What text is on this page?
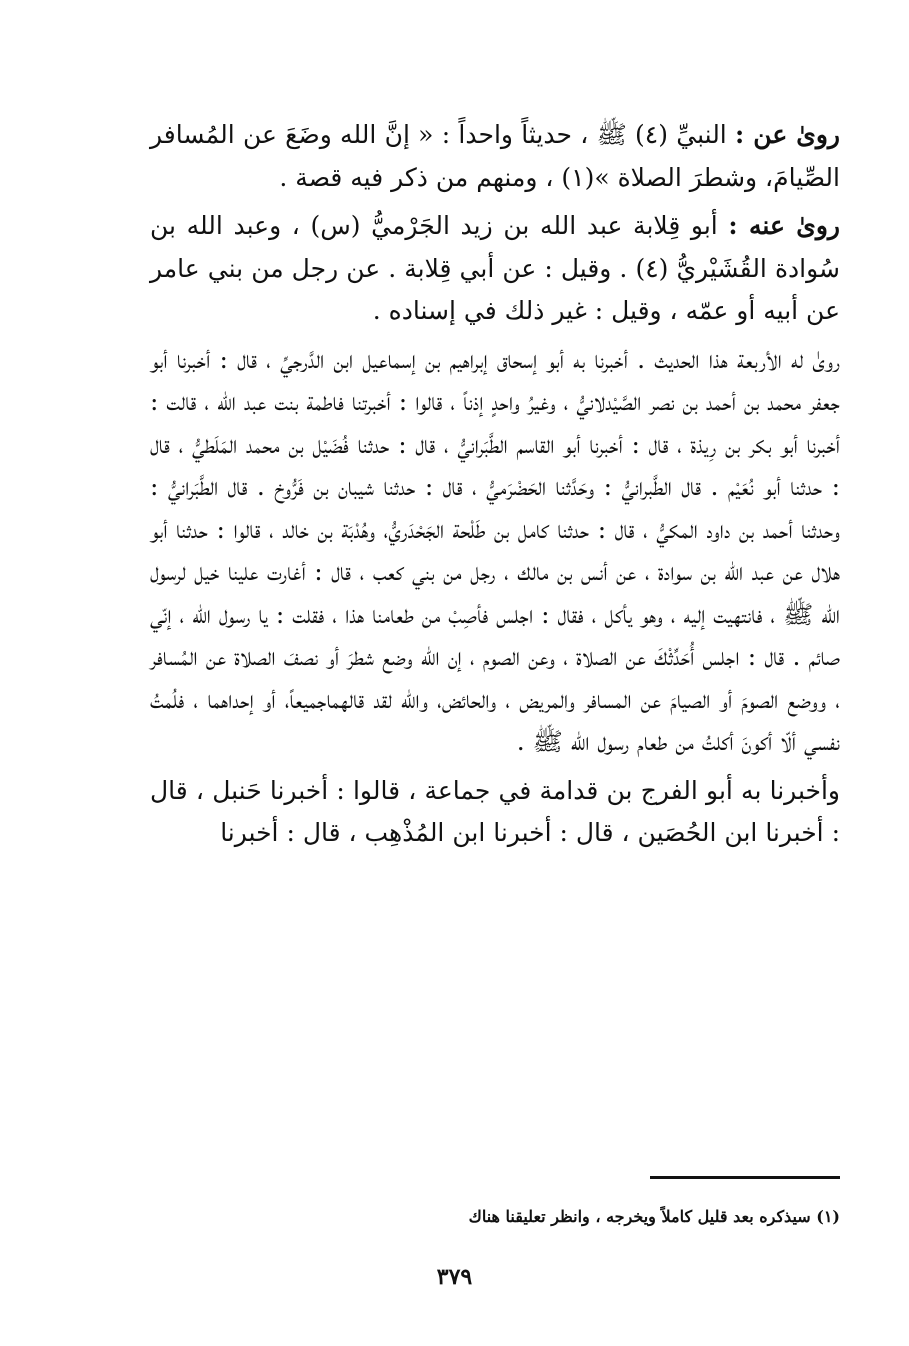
روىٰ عن : النبيِّ (٤) ﷺ ، حديثاً واحداً : « إنَّ الله وضَعَ عن المُسافر الصِّيامَ، وشطرَ الصلاة »(١) ، ومنهم من ذكر فيه قصة .

روىٰ عنه : أبو قِلابة عبد الله بن زيد الجَرْميُّ (س) ، وعبد الله بن سُوادة القُشَيْريُّ (٤) . وقيل : عن أبي قِلابة . عن رجل من بني عامر عن أبيه أو عمّه ، وقيل : غير ذلك في إسناده .

روىٰ له الأربعة هذا الحديث . أخبرنا به أبو إسحاق إبراهيم بن إسماعيل ابن الدَّرجيِّ ، قال : أخبرنا أبو جعفر محمد بن أحمد بن نصر الصَّيْدلانيُّ ، وغيرُ واحدٍ إذناً ، قالوا : أخبرتنا فاطمة بنت عبد الله ، قالت : أخبرنا أبو بكر بن رِيذة ، قال : أخبرنا أبو القاسم الطَّبَرانيُّ ، قال : حدثنا فُضَيْل بن محمد المَلَطيُّ ، قال : حدثنا أبو نُعَيْم . قال الطَّبرانيُّ : وحَدَّثنا الحَضْرَميُّ ، قال : حدثنا شيبان بن فَرُّوخ . قال الطَّبَرانيُّ : وحدثنا أحمد بن داود المكيُّ ، قال : حدثنا كامل بن طَلْحة الجَحْدَريُّ، وهُدْبَة بن خالد ، قالوا : حدثنا أبو هلال عن عبد الله بن سوادة ، عن أنس بن مالك ، رجل من بني كعب ، قال : أغارت علينا خيل لرسول الله ﷺ ، فانتهيت إليه ، وهو يأكل ، فقال : اجلس فأصِبْ من طعامنا هذا ، فقلت : يا رسول الله ، إنّي صائم . قال : اجلس أُحَدِّثْكَ عن الصلاة ، وعن الصوم ، إن الله وضع شطرَ أو نصفَ الصلاة عن المُسافر ، ووضع الصومَ أو الصيامَ عن المسافر والمريض ، والحائض، والله لقد قالهماجميعاً، أو إحداهما ، فلُمتُ نفسي ألّا أكونَ أكلتُ من طعام رسول الله ﷺ .

وأخبرنا به أبو الفرج بن قدامة في جماعة ، قالوا : أخبرنا حَنبل ، قال : أخبرنا ابن الحُصَين ، قال : أخبرنا ابن المُذْهِب ، قال : أخبرنا

(١) سيذكره بعد قليل كاملاً ويخرجه ، وانظر تعليقنا هناك
٣٧٩
